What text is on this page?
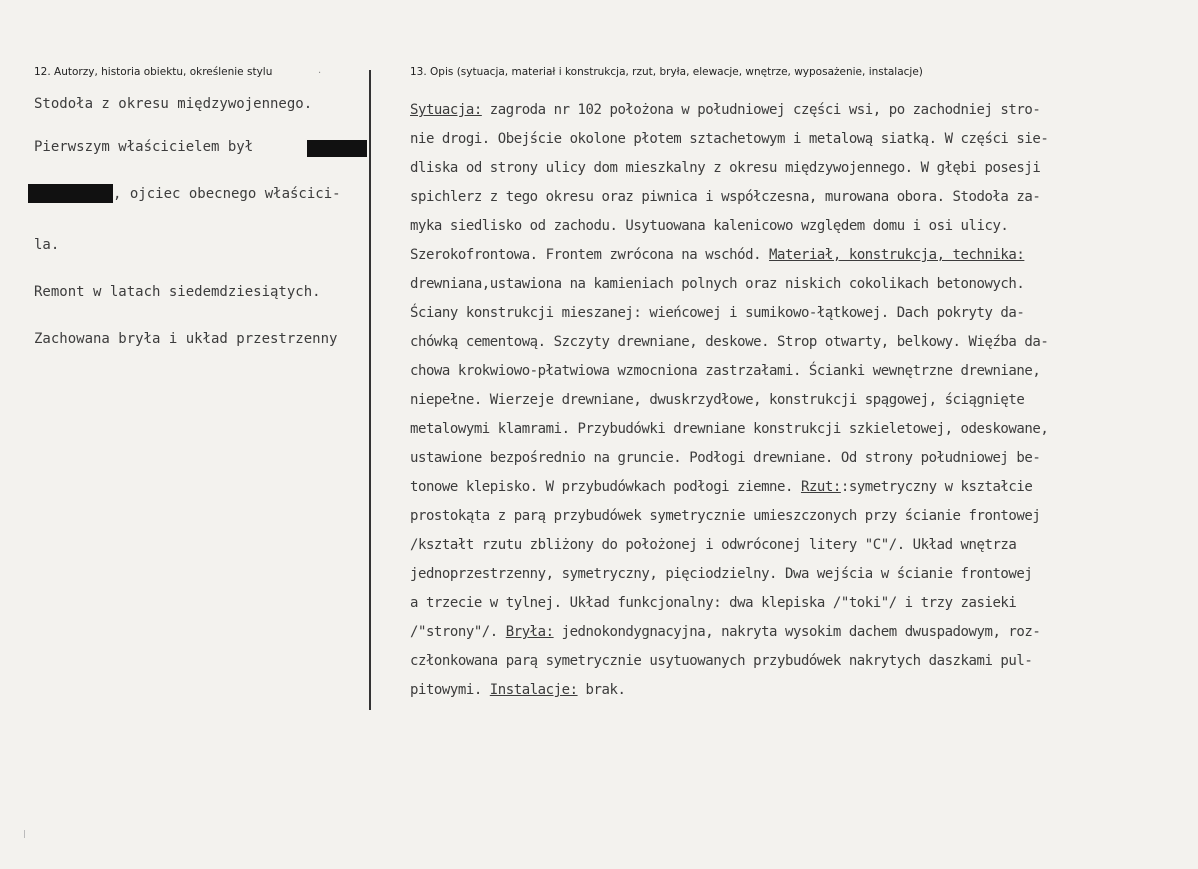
12. Autorzy, historia obiektu, określenie stylu	13. Opis (sytuacja, materiał i konstrukcja, rzut, bryła, elewacje, wnętrze, wyposażenie, instalacje)
·
Stodoła z okresu międzywojennego.
Pierwszym właścicielem był
, ojciec obecnego właścici-
la.
Remont w latach siedemdziesiątych.
Zachowana bryła i układ przestrzenny
Sytuacja: zagroda nr 102 położona w południowej części wsi, po zachodniej stro-
nie drogi. Obejście okolone płotem sztachetowym i metalową siatką. W części sie-
dliska od strony ulicy dom mieszkalny z okresu międzywojennego. W głębi posesji
spichlerz z tego okresu oraz piwnica i współczesna, murowana obora. Stodoła za-
myka siedlisko od zachodu. Usytuowana kalenicowo względem domu i osi ulicy.
Szerokofrontowa. Frontem zwrócona na wschód. Materiał, konstrukcja, technika:
drewniana,ustawiona na kamieniach polnych oraz niskich cokolikach betonowych.
Ściany konstrukcji mieszanej: wieńcowej i sumikowo-łątkowej. Dach pokryty da-
chówką cementową. Szczyty drewniane, deskowe. Strop otwarty, belkowy. Więźba da-
chowa krokwiowo-płatwiowa wzmocniona zastrzałami. Ścianki wewnętrzne drewniane,
niepełne. Wierzeje drewniane, dwuskrzydłowe, konstrukcji spągowej, ściągnięte
metalowymi klamrami. Przybudówki drewniane konstrukcji szkieletowej, odeskowane,
ustawione bezpośrednio na gruncie. Podłogi drewniane. Od strony południowej be-
tonowe klepisko. W przybudówkach podłogi ziemne. Rzut::symetryczny w kształcie
prostokąta z parą przybudówek symetrycznie umieszczonych przy ścianie frontowej
/kształt rzutu zbliżony do położonej i odwróconej litery "C"/. Układ wnętrza
jednoprzestrzenny, symetryczny, pięciodzielny. Dwa wejścia w ścianie frontowej
a trzecie w tylnej. Układ funkcjonalny: dwa klepiska /"toki"/ i trzy zasieki
/"strony"/. Bryła: jednokondygnacyjna, nakryta wysokim dachem dwuspadowym, roz-
członkowana parą symetrycznie usytuowanych przybudówek nakrytych daszkami pul-
pitowymi. Instalacje: brak.
